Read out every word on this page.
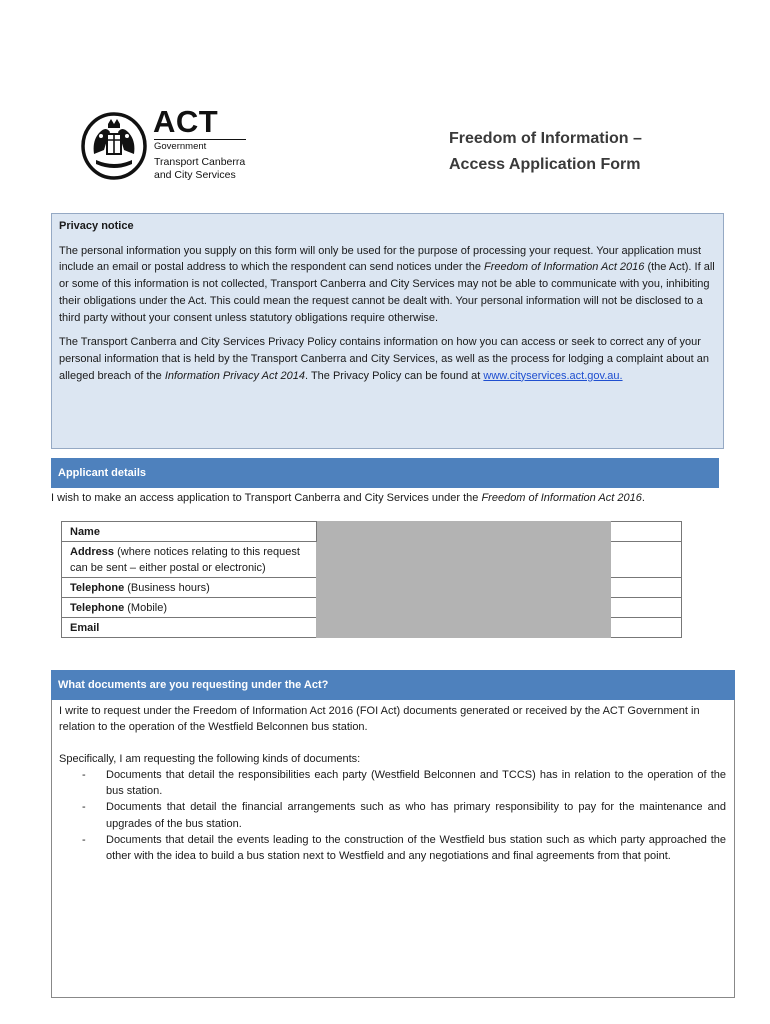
ACT
Government
Transport Canberra
and City Services
Freedom of Information –
Access Application Form
Privacy notice

The personal information you supply on this form will only be used for the purpose of processing your request. Your application must include an email or postal address to which the respondent can send notices under the Freedom of Information Act 2016 (the Act). If all or some of this information is not collected, Transport Canberra and City Services may not be able to communicate with you, inhibiting their obligations under the Act. This could mean the request cannot be dealt with. Your personal information will not be disclosed to a third party without your consent unless statutory obligations require otherwise.

The Transport Canberra and City Services Privacy Policy contains information on how you can access or seek to correct any of your personal information that is held by the Transport Canberra and City Services, as well as the process for lodging a complaint about an alleged breach of the Information Privacy Act 2014. The Privacy Policy can be found at www.cityservices.act.gov.au.

Applicant details
I wish to make an access application to Transport Canberra and City Services under the Freedom of Information Act 2016.
Name		
Address (where notices relating to this request can be sent – either postal or electronic)		
Telephone (Business hours)		
Telephone (Mobile)		
Email		
What documents are you requesting under the Act?

I write to request under the Freedom of Information Act 2016 (FOI Act) documents generated or received by the ACT Government in relation to the operation of the Westfield Belconnen bus station.

Specifically, I am requesting the following kinds of documents:
- Documents that detail the responsibilities each party (Westfield Belconnen and TCCS) has in relation to the operation of the bus station.
- Documents that detail the financial arrangements such as who has primary responsibility to pay for the maintenance and upgrades of the bus station.
- Documents that detail the events leading to the construction of the Westfield bus station such as which party approached the other with the idea to build a bus station next to Westfield and any negotiations and final agreements from that point.
